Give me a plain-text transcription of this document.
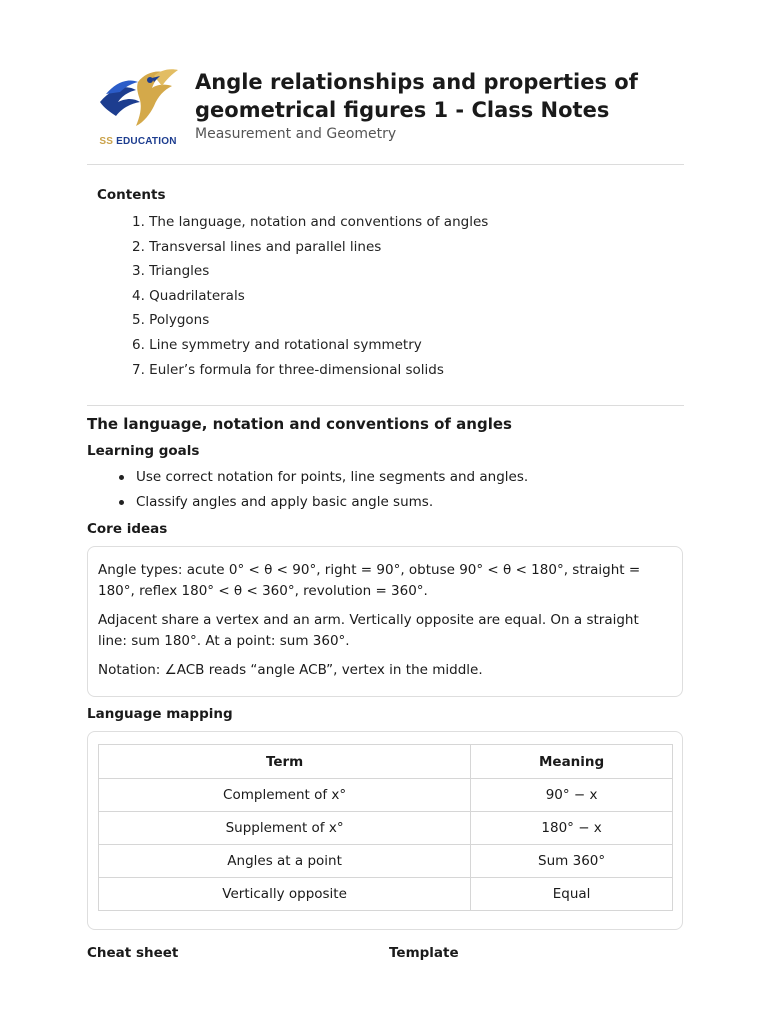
SS EDUCATION
Angle relationships and properties of geometrical figures 1 - Class Notes
Measurement and Geometry
Contents
1. The language, notation and conventions of angles
2. Transversal lines and parallel lines
3. Triangles
4. Quadrilaterals
5. Polygons
6. Line symmetry and rotational symmetry
7. Euler’s formula for three-dimensional solids
The language, notation and conventions of angles
Learning goals
Use correct notation for points, line segments and angles.
Classify angles and apply basic angle sums.
Core ideas

Angle types: acute 0° < θ < 90°, right = 90°, obtuse 90° < θ < 180°, straight = 180°, reflex 180° < θ < 360°, revolution = 360°.

Adjacent share a vertex and an arm. Vertically opposite are equal. On a straight line: sum 180°. At a point: sum 360°.

Notation: ∠ACB reads “angle ACB”, vertex in the middle.

Language mapping
Term	Meaning
Complement of x°	90° − x
Supplement of x°	180° − x
Angles at a point	Sum 360°
Vertically opposite	Equal
Cheat sheet	Template
